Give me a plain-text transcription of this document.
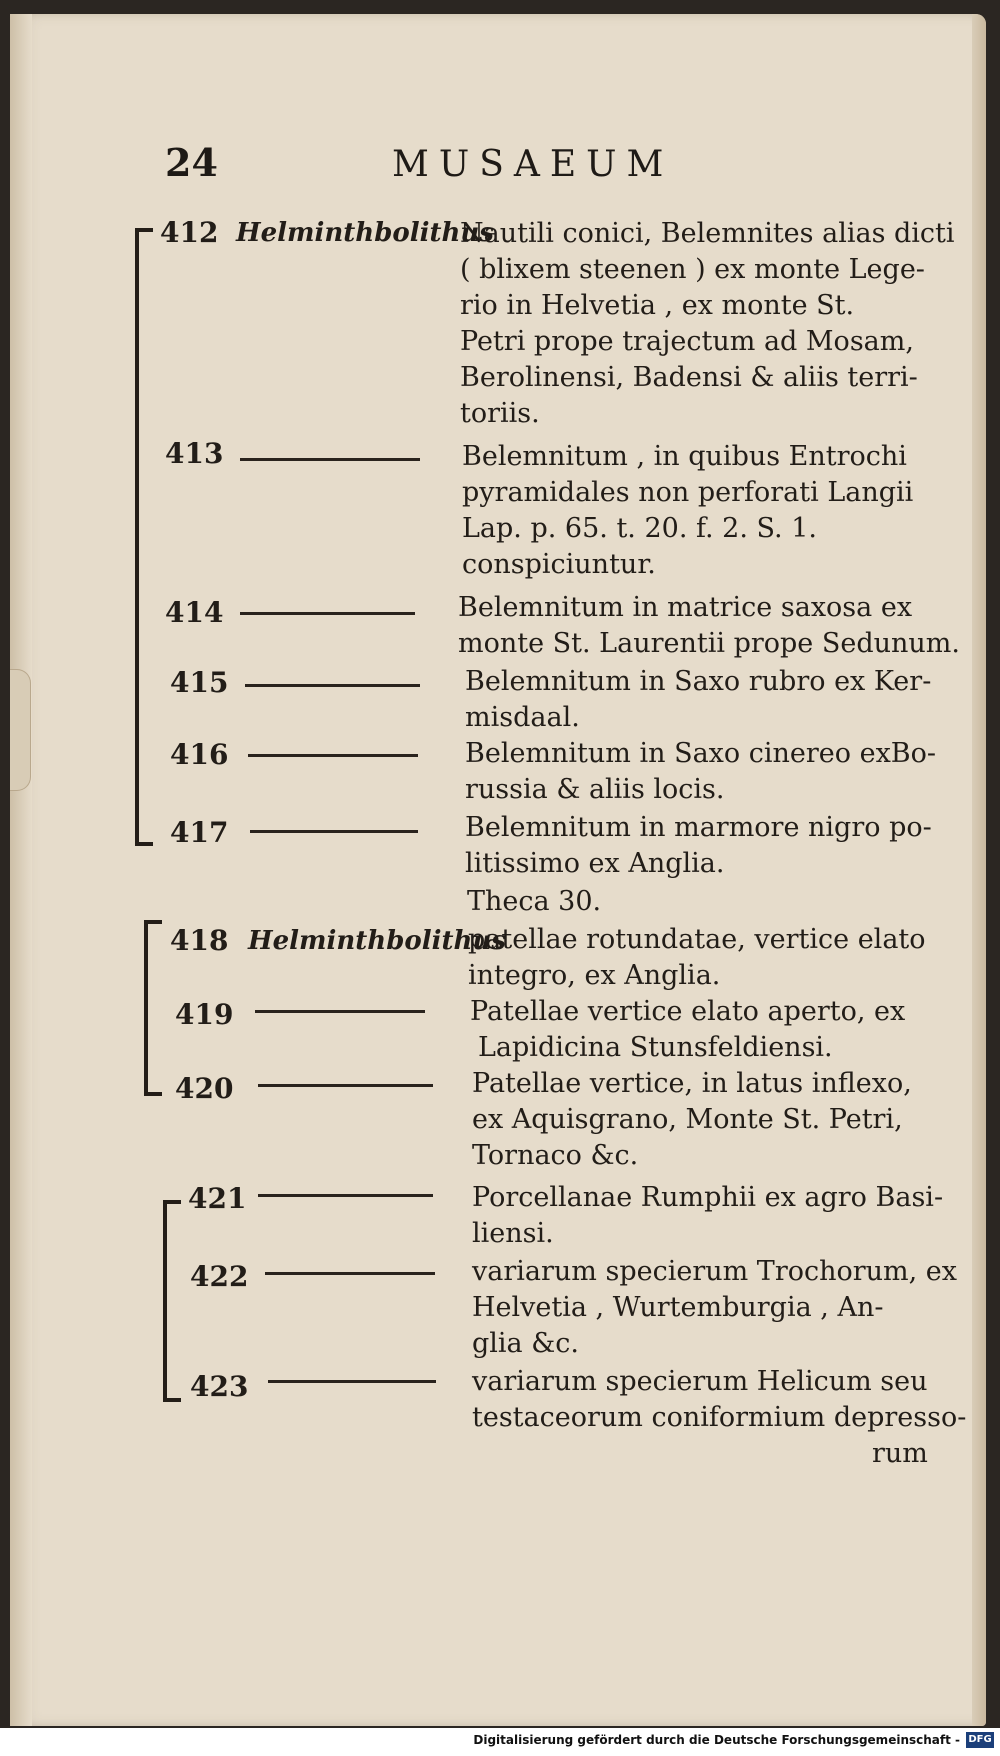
24	MUSAEUM
412 Helminthbolithus
Nautili conici, Belemnites alias dicti
( blixem steenen ) ex monte Lege-
rio in Helvetia , ex monte St.
Petri prope trajectum ad Mosam,
Berolinensi, Badensi & aliis terri-
toriis.
413	Belemnitum , in quibus Entrochi
pyramidales non perforati Langii
Lap. p. 65. t. 20. f. 2. S. 1.
conspiciuntur.
414	Belemnitum in matrice saxosa ex
monte St. Laurentii prope Sedunum.
415	Belemnitum in Saxo rubro ex Ker-
misdaal.
416	Belemnitum in Saxo cinereo exBo-
russia & aliis locis.
417	Belemnitum in marmore nigro po-
litissimo ex Anglia.
Theca 30.
418 Helminthbolithus
patellae rotundatae, vertice elato
integro, ex Anglia.
419	Patellae vertice elato aperto, ex
Lapidicina Stunsfeldiensi.
420	Patellae vertice, in latus inflexo,
ex Aquisgrano, Monte St. Petri,
Tornaco &c.
421	Porcellanae Rumphii ex agro Basi-
liensi.
422	variarum specierum Trochorum, ex
Helvetia , Wurtemburgia , An-
glia &c.
423	variarum specierum Helicum seu
testaceorum coniformium depresso-
rum
Digitalisierung gefördert durch die Deutsche Forschungsgemeinschaft - DFG
